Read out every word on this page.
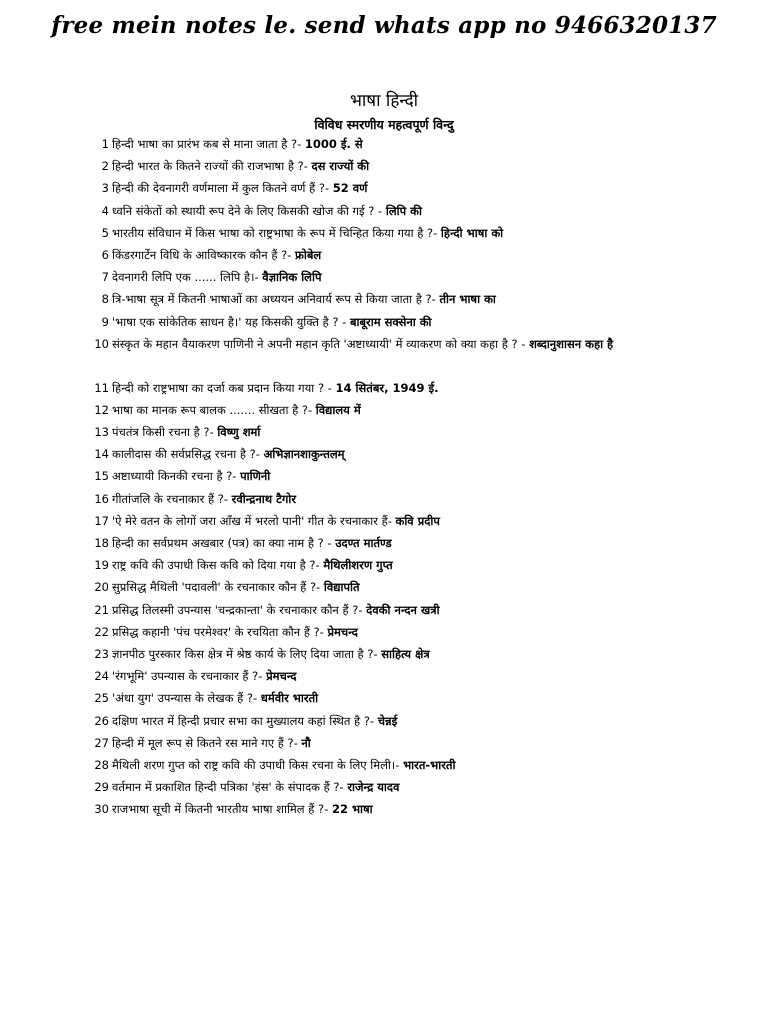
free mein notes le. send whats app no 9466320137
भाषा हिन्दी
विविध स्मरणीय महत्वपूर्ण विन्दु
1 हिन्दी भाषा का प्रारंभ कब से माना जाता है ?- 1000 ई. से
2 हिन्दी भारत के कितने राज्यों की राजभाषा है ?- दस राज्यों की
3 हिन्दी की देवनागरी वर्णमाला में कुल कितने वर्ण हैं ?- 52 वर्ण
4 ध्वनि संकेतों को स्थायी रूप देने के लिए किसकी खोज की गई ? - लिपि की
5 भारतीय संविधान में किस भाषा को राष्ट्रभाषा के रूप में चिन्हित किया गया है ?- हिन्दी भाषा को
6 किंडरगार्टेन विधि के आविष्कारक कौन हैं ?- फ्रोबेल
7 देवनागरी लिपि एक ...... लिपि है।- वैज्ञानिक लिपि
8 त्रि-भाषा सूत्र में कितनी भाषाओं का अध्ययन अनिवार्य रूप से किया जाता है ?- तीन भाषा का
9 'भाषा एक सांकेतिक साधन है।' यह किसकी युक्ति है ? - बाबूराम सक्सेना की
10 संस्कृत के महान वैयाकरण पाणिनी ने अपनी महान कृति 'अष्टाध्यायी' में व्याकरण को क्या कहा है ? - शब्दानुशासन कहा है
11 हिन्दी को राष्ट्रभाषा का दर्जा कब प्रदान किया गया ? - 14 सितंबर, 1949 ई.
12 भाषा का मानक रूप बालक ....... सीखता है ?- विद्यालय में
13 पंचतंत्र किसी रचना है ?- विष्णु शर्मा
14 कालीदास की सर्वप्रसिद्ध रचना है ?- अभिज्ञानशाकुन्तलम्
15 अष्टाध्यायी किनकी रचना है ?- पाणिनी
16 गीतांजलि के रचनाकार हैं ?- रवीन्द्रनाथ टैगोर
17 'ऐ मेरे वतन के लोगों जरा आँख में भरलो पानी' गीत के रचनाकार हैं- कवि प्रदीप
18 हिन्दी का सर्वप्रथम अखबार (पत्र) का क्या नाम है ? - उदण्त मार्तण्ड
19 राष्ट्र कवि की उपाधी किस कवि को दिया गया है ?- मैथिलीशरण गुप्त
20 सुप्रसिद्ध मैथिली 'पदावली' के रचनाकार कौन हैं ?- विद्यापति
21 प्रसिद्ध तिलस्मी उपन्यास 'चन्द्रकान्ता' के रचनाकार कौन हैं ?- देवकी नन्दन खत्री
22 प्रसिद्ध कहानी 'पंच परमेश्वर' के रचयिता कौन हैं ?- प्रेमचन्द
23 ज्ञानपीठ पुरस्कार किस क्षेत्र में श्रेष्ठ कार्य के लिए दिया जाता है ?- साहित्य क्षेत्र
24 'रंगभूमि' उपन्यास के रचनाकार हैं ?- प्रेमचन्द
25 'अंधा युग' उपन्यास के लेखक हैं ?- धर्मवीर भारती
26 दक्षिण भारत में हिन्दी प्रचार सभा का मुख्यालय कहां स्थित है ?- चेन्नई
27 हिन्दी में मूल रूप से कितने रस माने गए हैं ?- नौ
28 मैथिली शरण गुप्त को राष्ट्र कवि की उपाधी किस रचना के लिए मिली।- भारत-भारती
29 वर्तमान में प्रकाशित हिन्दी पत्रिका 'हंस' के संपादक हैं ?- राजेन्द्र यादव
30 राजभाषा सूची में कितनी भारतीय भाषा शामिल हैं ?- 22 भाषा
